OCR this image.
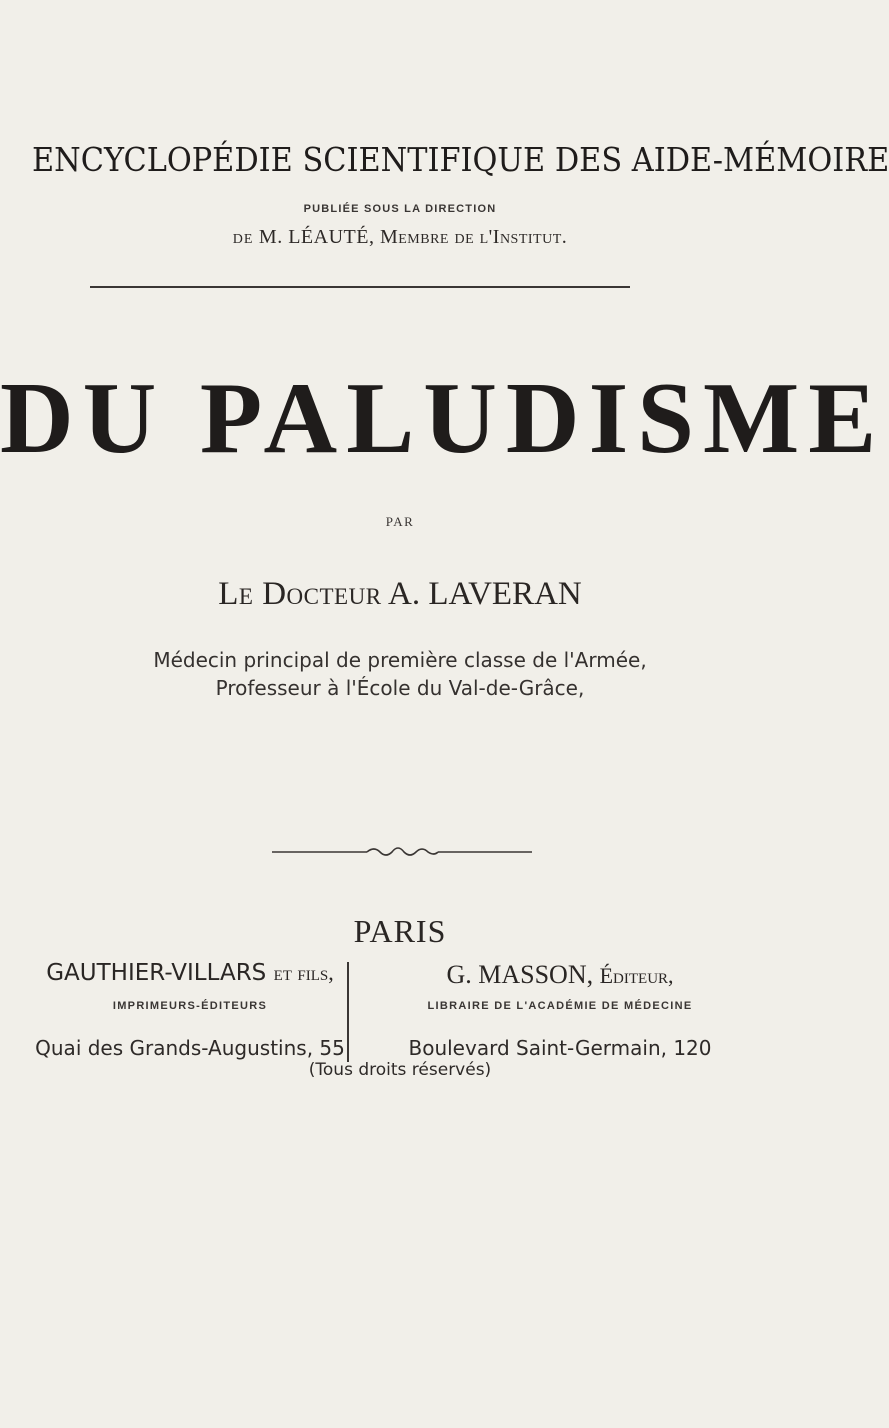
ENCYCLOPÉDIE SCIENTIFIQUE DES AIDE-MÉMOIRE
PUBLIÉE SOUS LA DIRECTION
DE M. LÉAUTÉ, Membre de l'Institut.
DU PALUDISME
PAR
Le Docteur A. LAVERAN
Médecin principal de première classe de l'Armée,
Professeur à l'École du Val-de-Grâce,
PARIS
GAUTHIER-VILLARS et fils,
IMPRIMEURS-ÉDITEURS
Quai des Grands-Augustins, 55
G. MASSON, Éditeur,
LIBRAIRE DE L'ACADÉMIE DE MÉDECINE
Boulevard Saint-Germain, 120
(Tous droits réservés)
